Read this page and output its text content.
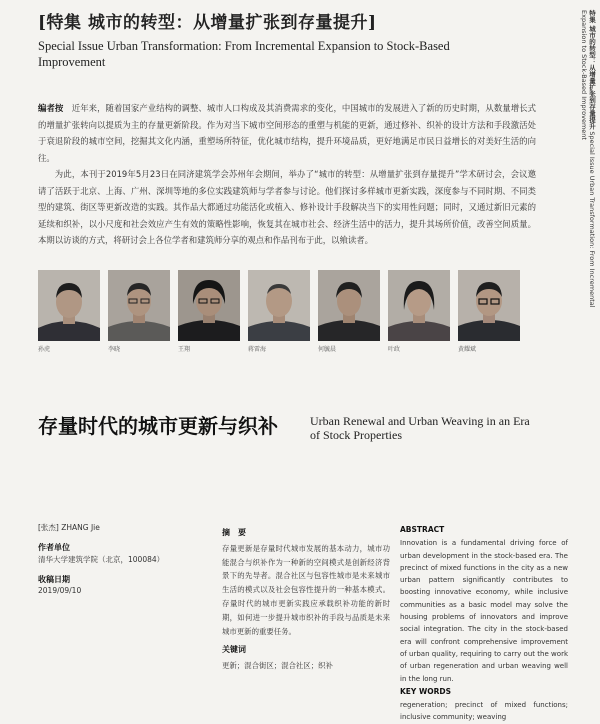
[特集 城市的转型：从增量扩张到存量提升]
Special Issue Urban Transformation: From Incremental Expansion to Stock-Based Improvement	特集 城市的转型：从增量扩张到存量提升 Special Issue Urban Transformation: From Incremental Expansion to Stock-Based Improvement

编者按　 近年来，随着国家产业结构的调整、城市人口构成及其消费需求的变化，中国城市的发展进入了新的历史时期，从数量增长式的增量扩张转向以提质为主的存量更新阶段。作为对当下城市空间形态的重塑与机能的更新，通过修补、织补的设计方法和手段激活处于衰退阶段的城市空间，挖掘其文化内涵，重塑场所特征，优化城市结构，提升环境品质，更好地满足市民日益增长的对美好生活的向往。

为此，本刊于2019年5月23日在同济建筑学会苏州年会期间，举办了“城市的转型：从增量扩张到存量提升”学术研讨会，会议邀请了活跃于北京、上海、广州、深圳等地的多位实践建筑师与学者参与讨论。他们探讨多样城市更新实践，深度参与不同时期、不同类型的建筑、街区等更新改造的实践。其作品大都通过功能活化或植入、修补设计手段解决当下的实用性问题；同时，又通过新旧元素的延续和织补，以小尺度和社会效应产生有效的策略性影响，恢复其在城市社会、经济生活中的活力，提升其场所价值，改善空间质量。本期以访谈的方式，将研讨会上各位学者和建筑师分享的观点和作品刊布于此，以飨读者。

孙虎	李晓	王翔	蒋雷海	何毓晨	叶政	黄耀斌
存量时代的城市更新与织补	Urban Renewal and Urban Weaving in an Era of Stock Properties
[张杰] ZHANG Jie
作者单位
清华大学建筑学院（北京，100084）
收稿日期
2019/09/10
摘　要

存量更新是存量时代城市发展的基本动力，城市功能混合与织补作为一种新的空间模式是创新经济背景下的先导者。混合社区与包容性城市是未来城市生活的模式以及社会包容性提升的一种基本模式。存量时代的城市更新实践应承载织补功能的新时期，如何进一步提升城市织补的手段与品质是未来城市更新的重要任务。

关键词

更新；混合街区；混合社区；织补

ABSTRACT

Innovation is a fundamental driving force of urban development in the stock-based era. The precinct of mixed functions in the city as a new urban pattern significantly contributes to boosting innovative economy, while inclusive communities as a basic model may solve the housing problems of innovators and improve social integration. The city in the stock-based era will confront comprehensive improvement of urban quality, requiring to carry out the work of urban regeneration and urban weaving well in the long run.

KEY WORDS

regeneration; precinct of mixed functions; inclusive community; weaving
